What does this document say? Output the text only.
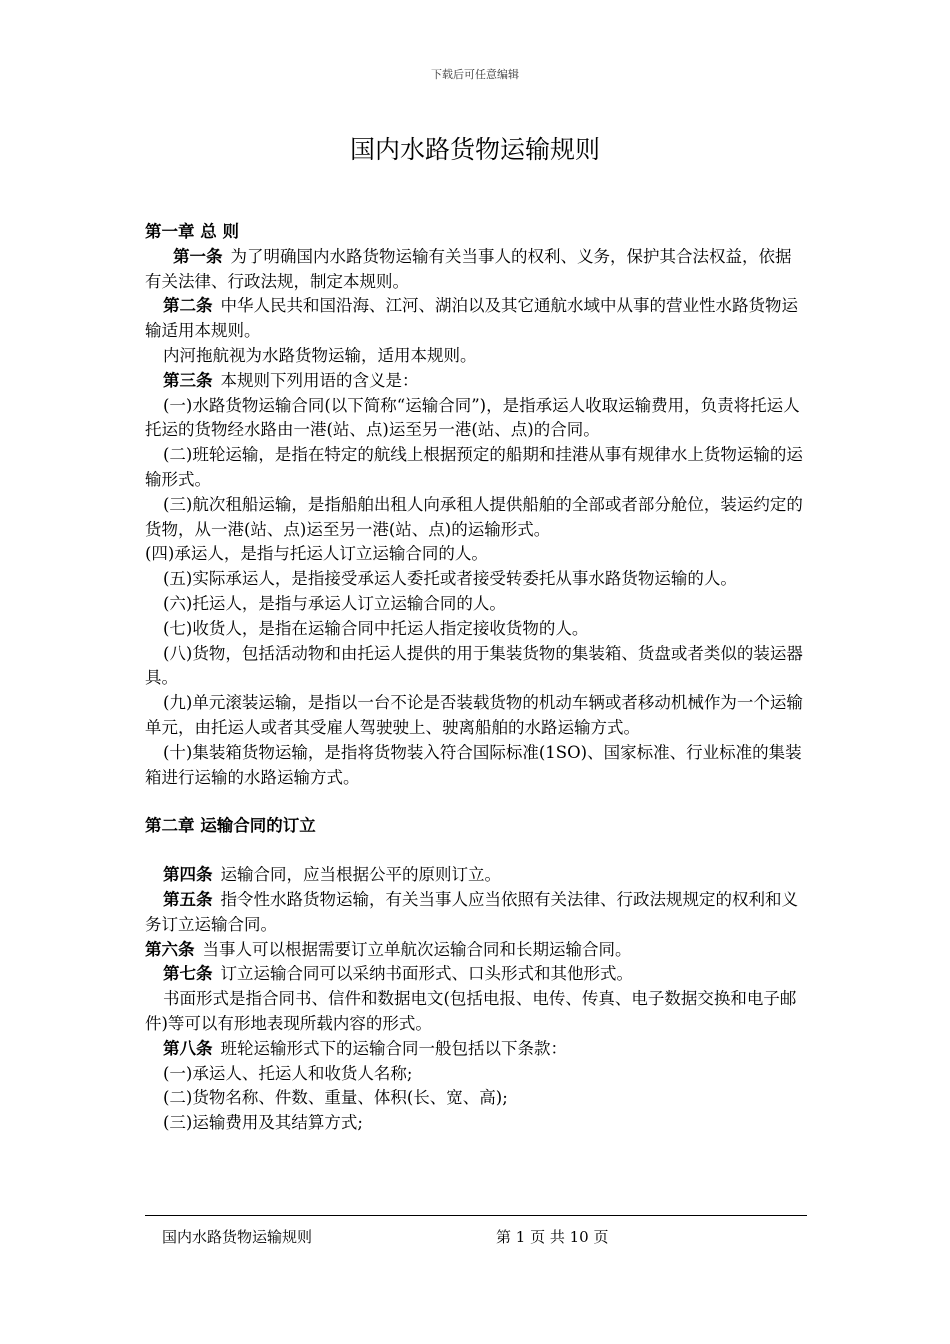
下载后可任意编辑
国内水路货物运输规则

第一章 总 则

第一条 为了明确国内水路货物运输有关当事人的权利、义务，保护其合法权益，依据有关法律、行政法规，制定本规则。

第二条 中华人民共和国沿海、江河、湖泊以及其它通航水域中从事的营业性水路货物运输适用本规则。

内河拖航视为水路货物运输，适用本规则。

第三条 本规则下列用语的含义是：

(一)水路货物运输合同(以下简称“运输合同”)，是指承运人收取运输费用，负责将托运人托运的货物经水路由一港(站、点)运至另一港(站、点)的合同。

(二)班轮运输，是指在特定的航线上根据预定的船期和挂港从事有规律水上货物运输的运输形式。

(三)航次租船运输，是指船舶出租人向承租人提供船舶的全部或者部分舱位，装运约定的货物，从一港(站、点)运至另一港(站、点)的运输形式。

(四)承运人，是指与托运人订立运输合同的人。

(五)实际承运人，是指接受承运人委托或者接受转委托从事水路货物运输的人。

(六)托运人，是指与承运人订立运输合同的人。

(七)收货人，是指在运输合同中托运人指定接收货物的人。

(八)货物，包括活动物和由托运人提供的用于集装货物的集装箱、货盘或者类似的装运器具。

(九)单元滚装运输，是指以一台不论是否装载货物的机动车辆或者移动机械作为一个运输单元，由托运人或者其受雇人驾驶驶上、驶离船舶的水路运输方式。

(十)集装箱货物运输，是指将货物装入符合国际标准(1SO)、国家标准、行业标准的集装箱进行运输的水路运输方式。

第二章 运输合同的订立

第四条 运输合同，应当根据公平的原则订立。

第五条 指令性水路货物运输，有关当事人应当依照有关法律、行政法规规定的权利和义务订立运输合同。

第六条 当事人可以根据需要订立单航次运输合同和长期运输合同。

第七条 订立运输合同可以采纳书面形式、口头形式和其他形式。

书面形式是指合同书、信件和数据电文(包括电报、电传、传真、电子数据交换和电子邮件)等可以有形地表现所载内容的形式。

第八条 班轮运输形式下的运输合同一般包括以下条款：

(一)承运人、托运人和收货人名称;

(二)货物名称、件数、重量、体积(长、宽、高);

(三)运输费用及其结算方式;

国内水路货物运输规则	第 1 页 共 10 页
